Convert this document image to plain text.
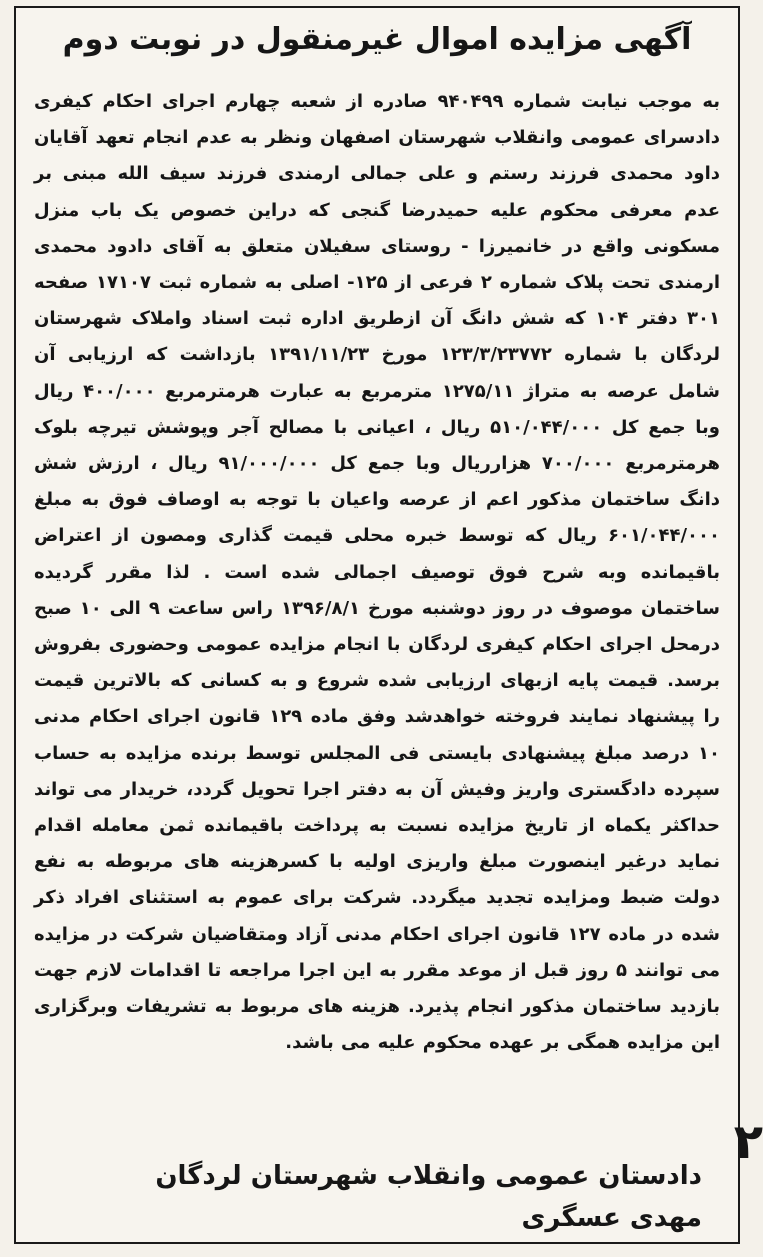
آگهی مزایده اموال غیرمنقول در نوبت دوم
به موجب نیابت شماره ۹۴۰۴۹۹ صادره از شعبه چهارم اجرای احکام کیفری دادسرای عمومی وانقلاب شهرستان اصفهان ونظر به عدم انجام تعهد آقایان داود محمدی فرزند رستم و علی جمالی ارمندی فرزند سیف الله مبنی بر عدم معرفی محکوم علیه حمیدرضا گنجی که دراین خصوص یک باب منزل مسکونی واقع در خانمیرزا - روستای سفیلان متعلق به آقای دادود محمدی ارمندی تحت پلاک شماره ۲ فرعی از ۱۲۵- اصلی به شماره ثبت ۱۷۱۰۷ صفحه ۳۰۱ دفتر ۱۰۴ که شش دانگ آن ازطریق اداره ثبت اسناد واملاک شهرستان لردگان با شماره ۱۲۳/۳/۲۳۷۷۲ مورخ ۱۳۹۱/۱۱/۲۳ بازداشت که ارزیابی آن شامل عرصه به متراژ ۱۲۷۵/۱۱ مترمربع به عبارت هرمترمربع ۴۰۰/۰۰۰ ریال وبا جمع کل ۵۱۰/۰۴۴/۰۰۰ ریال ، اعیانی با مصالح آجر وپوشش تیرچه بلوک هرمترمربع ۷۰۰/۰۰۰ هزارریال وبا جمع کل ۹۱/۰۰۰/۰۰۰ ریال ، ارزش شش دانگ ساختمان مذکور اعم از عرصه واعیان با توجه به اوصاف فوق به مبلغ ۶۰۱/۰۴۴/۰۰۰ ریال که توسط خبره محلی قیمت گذاری ومصون از اعتراض باقیمانده وبه شرح فوق توصیف اجمالی شده است . لذا مقرر گردیده ساختمان موصوف در روز دوشنبه مورخ ۱۳۹۶/۸/۱ راس ساعت ۹ الی ۱۰ صبح درمحل اجرای احکام کیفری لردگان با انجام مزایده عمومی وحضوری بفروش برسد. قیمت پایه ازبهای ارزیابی شده شروع و به کسانی که بالاترین قیمت را پیشنهاد نمایند فروخته خواهدشد وفق ماده ۱۲۹ قانون اجرای احکام مدنی ۱۰ درصد مبلغ پیشنهادی بایستی فی المجلس توسط برنده مزایده به حساب سپرده دادگستری واریز وفیش آن به دفتر اجرا تحویل گردد، خریدار می تواند حداکثر یکماه از تاریخ مزایده نسبت به پرداخت باقیمانده ثمن معامله اقدام نماید درغیر اینصورت مبلغ واریزی اولیه با کسرهزینه های مربوطه به نفع دولت ضبط ومزایده تجدید میگردد. شرکت برای عموم به استثنای افراد ذکر شده در ماده ۱۲۷ قانون اجرای احکام مدنی آزاد ومتقاضیان شرکت در مزایده می توانند ۵ روز قبل از موعد مقرر به این اجرا مراجعه تا اقدامات لازم جهت بازدید ساختمان مذکور انجام پذیرد. هزینه های مربوط به تشریفات وبرگزاری این مزایده همگی بر عهده محکوم علیه می باشد.
دادستان عمومی وانقلاب شهرستان لردگان
مهدی عسگری
۲
